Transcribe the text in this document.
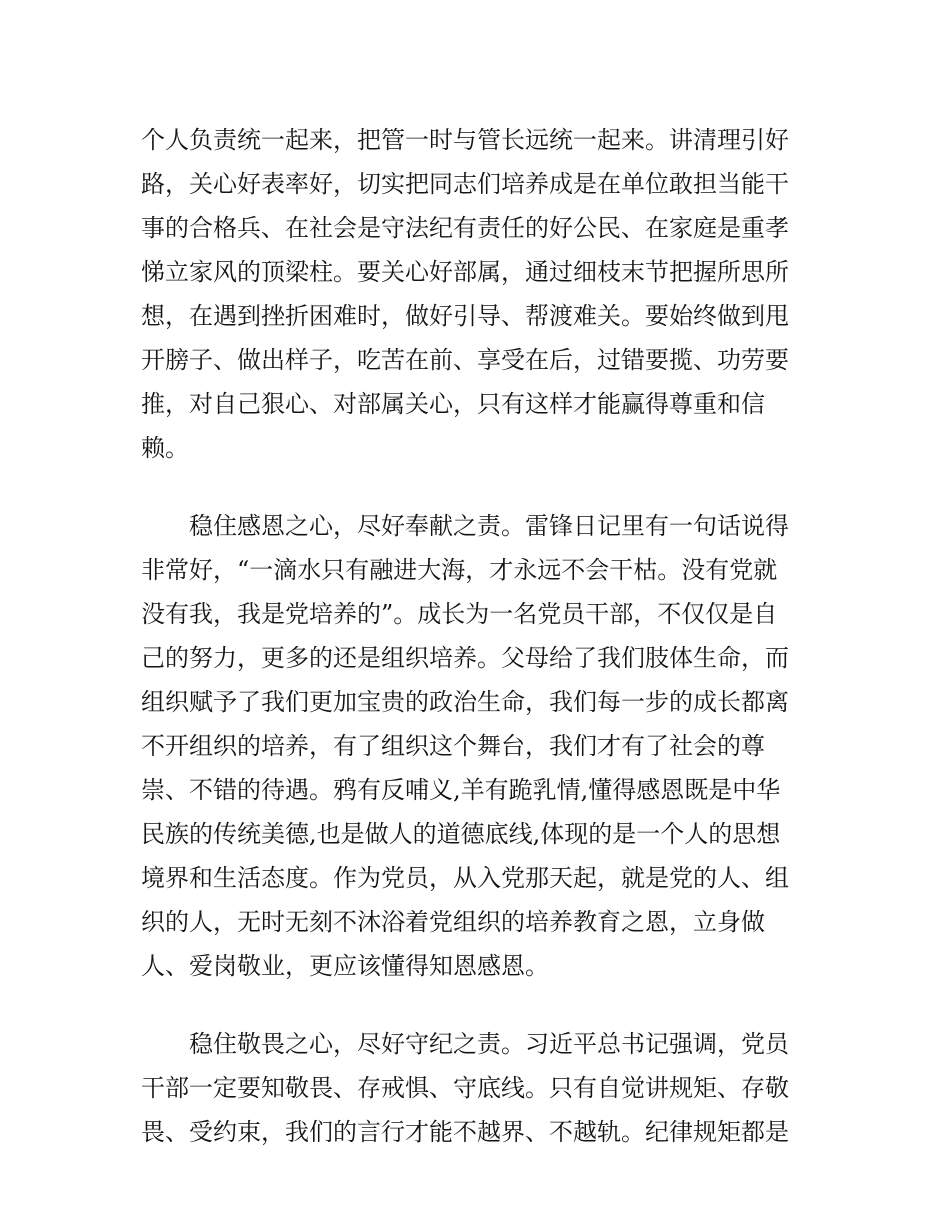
个人负责统一起来，把管一时与管长远统一起来。讲清理引好
路，关心好表率好，切实把同志们培养成是在单位敢担当能干
事的合格兵、在社会是守法纪有责任的好公民、在家庭是重孝
悌立家风的顶梁柱。要关心好部属，通过细枝末节把握所思所
想，在遇到挫折困难时，做好引导、帮渡难关。要始终做到甩
开膀子、做出样子，吃苦在前、享受在后，过错要揽、功劳要
推，对自己狠心、对部属关心，只有这样才能赢得尊重和信
赖。
　　稳住感恩之心，尽好奉献之责。雷锋日记里有一句话说得
非常好，“一滴水只有融进大海，才永远不会干枯。没有党就
没有我，我是党培养的”。成长为一名党员干部，不仅仅是自
己的努力，更多的还是组织培养。父母给了我们肢体生命，而
组织赋予了我们更加宝贵的政治生命，我们每一步的成长都离
不开组织的培养，有了组织这个舞台，我们才有了社会的尊
崇、不错的待遇。鸦有反哺义,羊有跪乳情,懂得感恩既是中华
民族的传统美德,也是做人的道德底线,体现的是一个人的思想
境界和生活态度。作为党员，从入党那天起，就是党的人、组
织的人，无时无刻不沐浴着党组织的培养教育之恩，立身做
人、爱岗敬业，更应该懂得知恩感恩。
　　稳住敬畏之心，尽好守纪之责。习近平总书记强调，党员
干部一定要知敬畏、存戒惧、守底线。只有自觉讲规矩、存敬
畏、受约束，我们的言行才能不越界、不越轨。纪律规矩都是
